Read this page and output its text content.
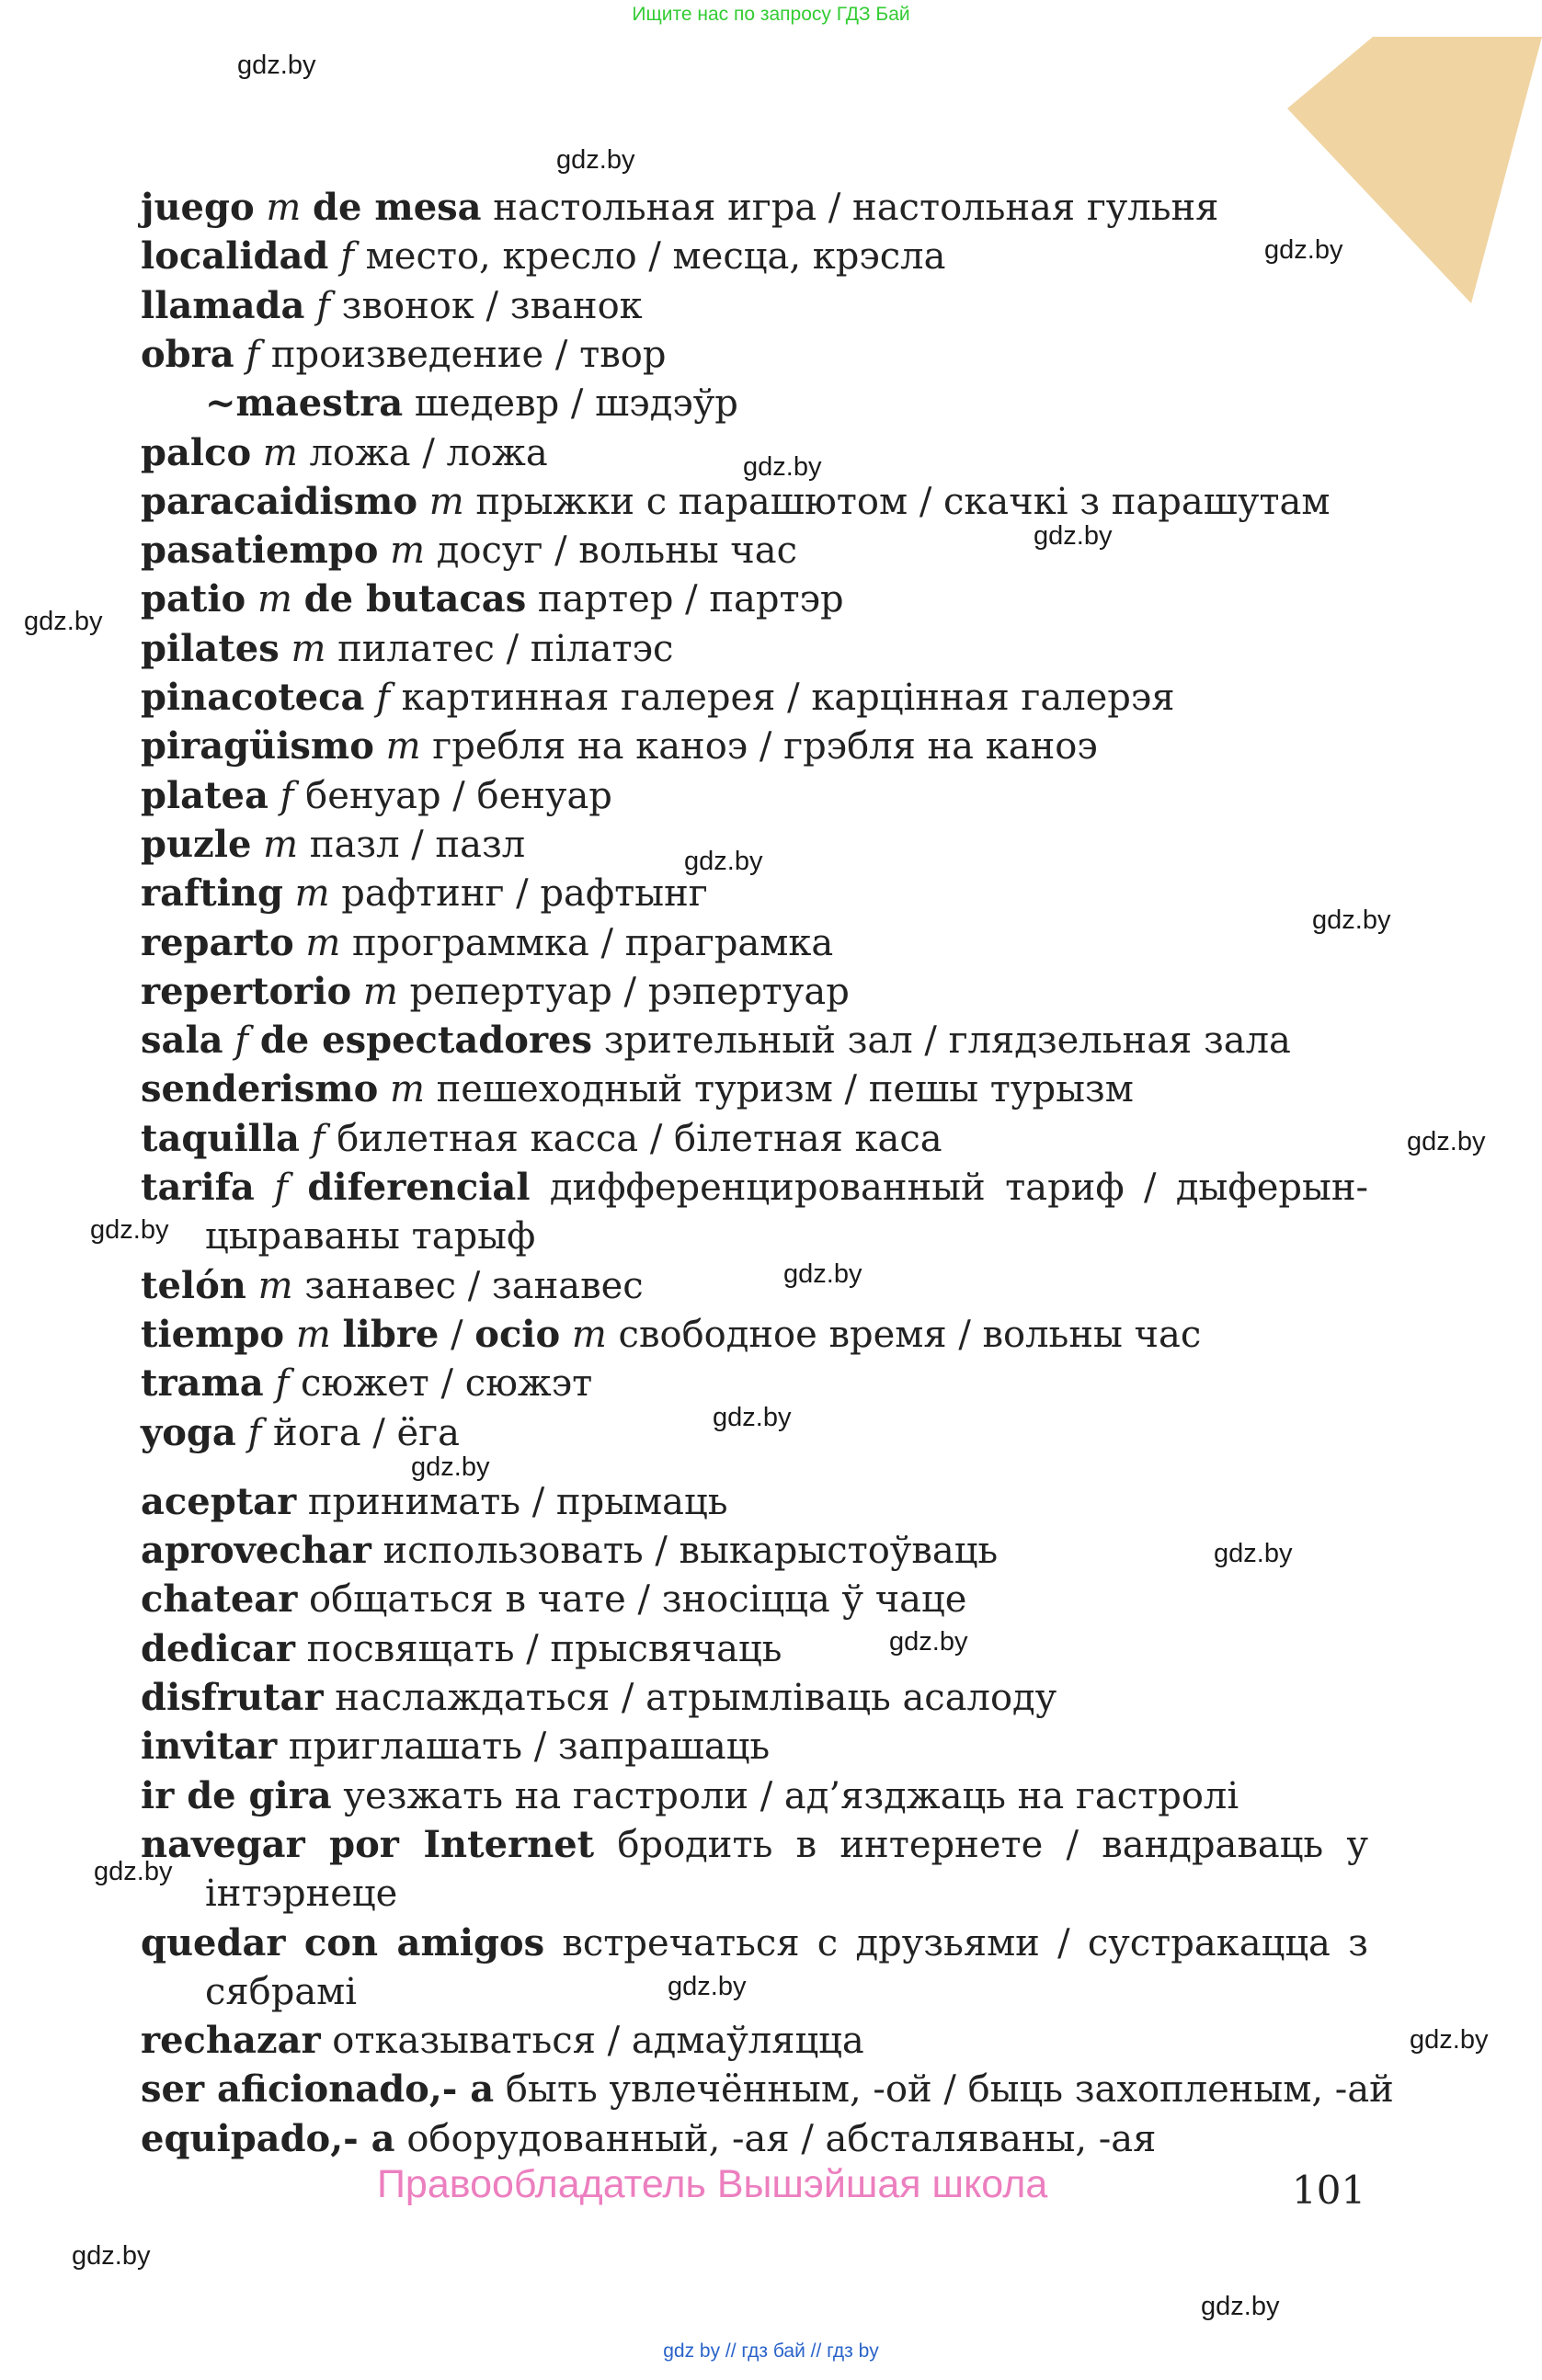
Ищите нас по запросу ГДЗ Бай
gdz.by
gdz.by
gdz.by
gdz.by
gdz.by
gdz.by
gdz.by
gdz.by
gdz.by
gdz.by
gdz.by
gdz.by
gdz.by
gdz.by
gdz.by
gdz.by
gdz.by
gdz.by
gdz.by
gdz.by
juego m de mesa настольная игра / настольная гульня
localidad f место, кресло / месца, крэсла
llamada f звонок / званок
obra f произведение / твор
~maestra шедевр / шэдэўр
palco m ложа / ложа
paracaidismo m прыжки с парашютом / скачкі з парашутам
pasatiempo m досуг / вольны час
patio m de butacas партер / партэр
pilates m пилатес / пілатэс
pinacoteca f картинная галерея / карцінная галерэя
piragüismo m гребля на каноэ / грэбля на каноэ
platea f бенуар / бенуар
puzle m пазл / пазл
rafting m рафтинг / рафтынг
reparto m программка / праграмка
repertorio m репертуар / рэпертуар
sala f de espectadores зрительный зал / глядзельная зала
senderismo m пешеходный туризм / пешы турызм
taquilla f билетная касса / білетная каса
tarifa f diferencial дифференцированный тариф / дыферын-
цыраваны тарыф
telón m занавес / занавес
tiempo m libre / ocio m свободное время / вольны час
trama f сюжет / сюжэт
yoga f йога / ёга
aceptar принимать / прымаць
aprovechar использовать / выкарыстоўваць
chatear общаться в чате / зносіцца ў чаце
dedicar посвящать / прысвячаць
disfrutar наслаждаться / атрымліваць асалоду
invitar приглашать / запрашаць
ir de gira уезжать на гастроли / ад’язджаць на гастролі
navegar por Internet бродить в интернете / вандраваць у
інтэрнеце
quedar con amigos встречаться с друзьями / сустракацца з
сябрамі
rechazar отказываться / адмаўляцца
ser aficionado,- a быть увлечённым, -ой / быць захопленым, -ай
equipado,- a оборудованный, -ая / абсталяваны, -ая
Правообладатель Вышэйшая школа	101
gdz by // гдз бай // гдз by
